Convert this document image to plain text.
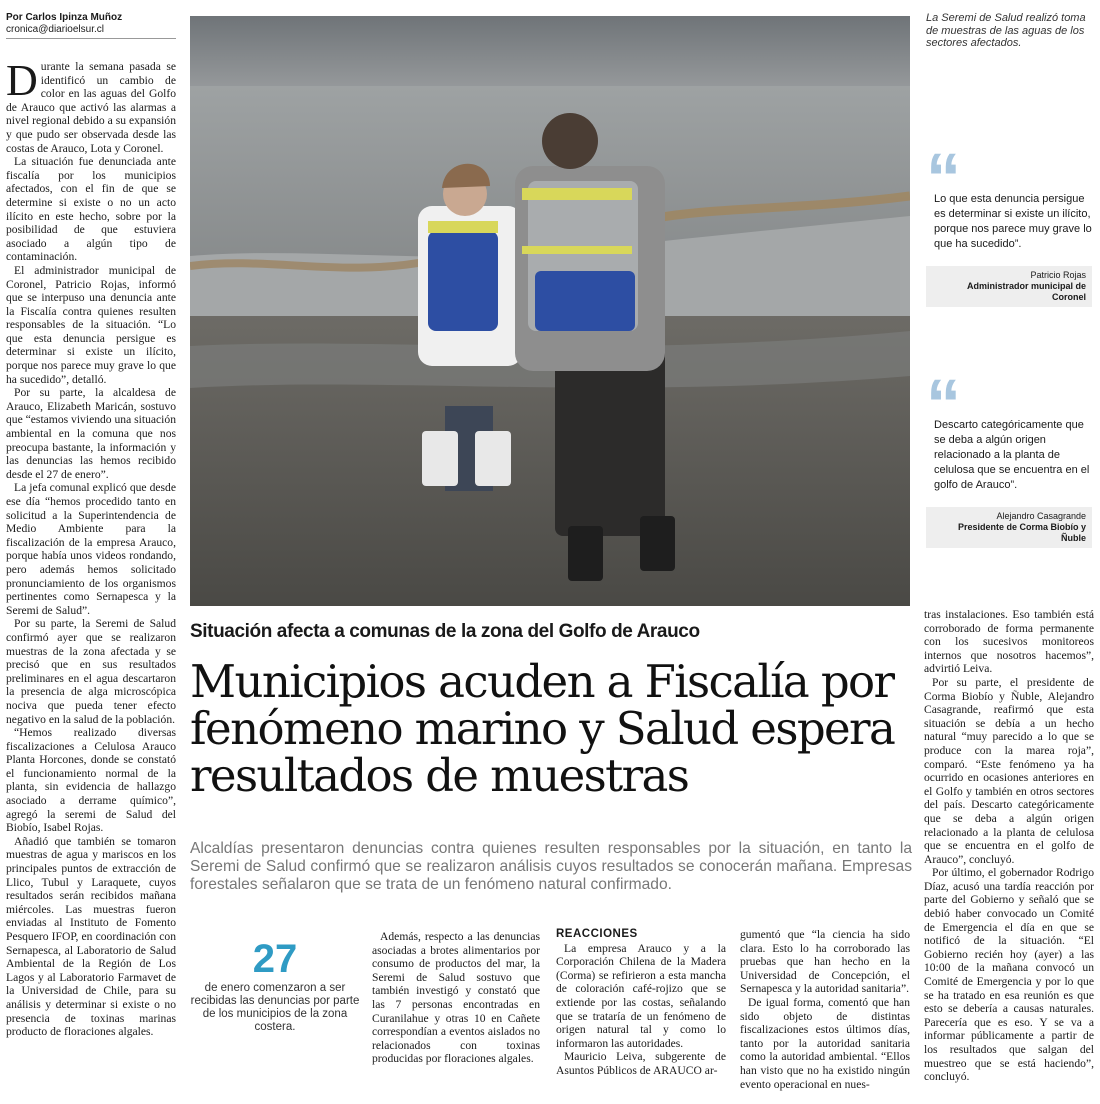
Por Carlos Ipinza Muñoz
cronica@diarioelsur.cl

Durante la semana pasada se identificó un cambio de color en las aguas del Golfo de Arauco que activó las alarmas a nivel regional debido a su expansión y que pudo ser observada desde las costas de Arauco, Lota y Coronel.

La situación fue denunciada ante fiscalía por los municipios afectados, con el fin de que se determine si existe o no un acto ilícito en este hecho, sobre por la posibilidad de que estuviera asociado a algún tipo de contaminación.

El administrador municipal de Coronel, Patricio Rojas, informó que se interpuso una denuncia ante la Fiscalía contra quienes resulten responsables de la situación. “Lo que esta denuncia persigue es determinar si existe un ilícito, porque nos parece muy grave lo que ha sucedido”, detalló.

Por su parte, la alcaldesa de Arauco, Elizabeth Maricán, sostuvo que “estamos viviendo una situación ambiental en la comuna que nos preocupa bastante, la información y las denuncias las hemos recibido desde el 27 de enero”.

La jefa comunal explicó que desde ese día “hemos procedido tanto en solicitud a la Superintendencia de Medio Ambiente para la fiscalización de la empresa Arauco, porque había unos videos rondando, pero además hemos solicitado pronunciamiento de los organismos pertinentes como Sernapesca y la Seremi de Salud”.

Por su parte, la Seremi de Salud confirmó ayer que se realizaron muestras de la zona afectada y se precisó que en sus resultados preliminares en el agua descartaron la presencia de alga microscópica nociva que pueda tener efecto negativo en la salud de la población.

“Hemos realizado diversas fiscalizaciones a Celulosa Arauco Planta Horcones, donde se constató el funcionamiento normal de la planta, sin evidencia de hallazgo asociado a derrame químico”, agregó la seremi de Salud del Biobío, Isabel Rojas.

Añadió que también se tomaron muestras de agua y mariscos en los principales puntos de extracción de Llico, Tubul y Laraquete, cuyos resultados serán recibidos mañana miércoles. Las muestras fueron enviadas al Instituto de Fomento Pesquero IFOP, en coordinación con Sernapesca, al Laboratorio de Salud Ambiental de la Región de Los Lagos y al Laboratorio Farmavet de la Universidad de Chile, para su análisis y determinar si existe o no presencia de toxinas marinas producto de floraciones algales.

La Seremi de Salud realizó toma de muestras de las aguas de los sectores afectados.
“
Lo que esta denuncia persigue es determinar si existe un ilícito, porque nos parece muy grave lo que ha sucedido”.
Patricio Rojas
Administrador municipal de Coronel
“
Descarto categóricamente que se deba a algún origen relacionado a la planta de celulosa que se encuentra en el golfo de Arauco”.
Alejandro Casagrande
Presidente de Corma Biobío y Ñuble
Situación afecta a comunas de la zona del Golfo de Arauco
Municipios acuden a Fiscalía por fenómeno marino y Salud espera resultados de muestras
Alcaldías presentaron denuncias contra quienes resulten responsables por la situación, en tanto la Seremi de Salud confirmó que se realizaron análisis cuyos resultados se conocerán mañana. Empresas forestales señalaron que se trata de un fenómeno natural confirmado.
27
de enero comenzaron a ser recibidas las denuncias por parte de los municipios de la zona costera.

Además, respecto a las denuncias asociadas a brotes alimentarios por consumo de productos del mar, la Seremi de Salud sostuvo que también investigó y constató que las 7 personas encontradas en Curanilahue y otras 10 en Cañete correspondían a eventos aislados no relacionados con toxinas producidas por floraciones algales.

REACCIONES

La empresa Arauco y a la Corporación Chilena de la Madera (Corma) se refirieron a esta mancha de coloración café-rojizo que se extiende por las costas, señalando que se trataría de un fenómeno de origen natural tal y como lo informaron las autoridades.

Mauricio Leiva, subgerente de Asuntos Públicos de ARAUCO ar-

gumentó que “la ciencia ha sido clara. Esto lo ha corroborado las pruebas que han hecho en la Universidad de Concepción, el Sernapesca y la autoridad sanitaria”.

De igual forma, comentó que han sido objeto de distintas fiscalizaciones estos últimos días, tanto por la autoridad sanitaria como la autoridad ambiental. “Ellos han visto que no ha existido ningún evento operacional en nues-

tras instalaciones. Eso también está corroborado de forma permanente con los sucesivos monitoreos internos que nosotros hacemos”, advirtió Leiva.

Por su parte, el presidente de Corma Biobío y Ñuble, Alejandro Casagrande, reafirmó que esta situación se debía a un hecho natural “muy parecido a lo que se produce con la marea roja”, comparó. “Este fenómeno ya ha ocurrido en ocasiones anteriores en el Golfo y también en otros sectores del país. Descarto categóricamente que se deba a algún origen relacionado a la planta de celulosa que se encuentra en el golfo de Arauco”, concluyó.

Por último, el gobernador Rodrigo Díaz, acusó una tardía reacción por parte del Gobierno y señaló que se debió haber convocado un Comité de Emergencia el día en que se notificó de la situación. “El Gobierno recién hoy (ayer) a las 10:00 de la mañana convocó un Comité de Emergencia y por lo que se ha tratado en esa reunión es que esto se debería a causas naturales. Parecería que es eso. Y se va a informar públicamente a partir de los resultados que salgan del muestreo que se está haciendo”, concluyó.
